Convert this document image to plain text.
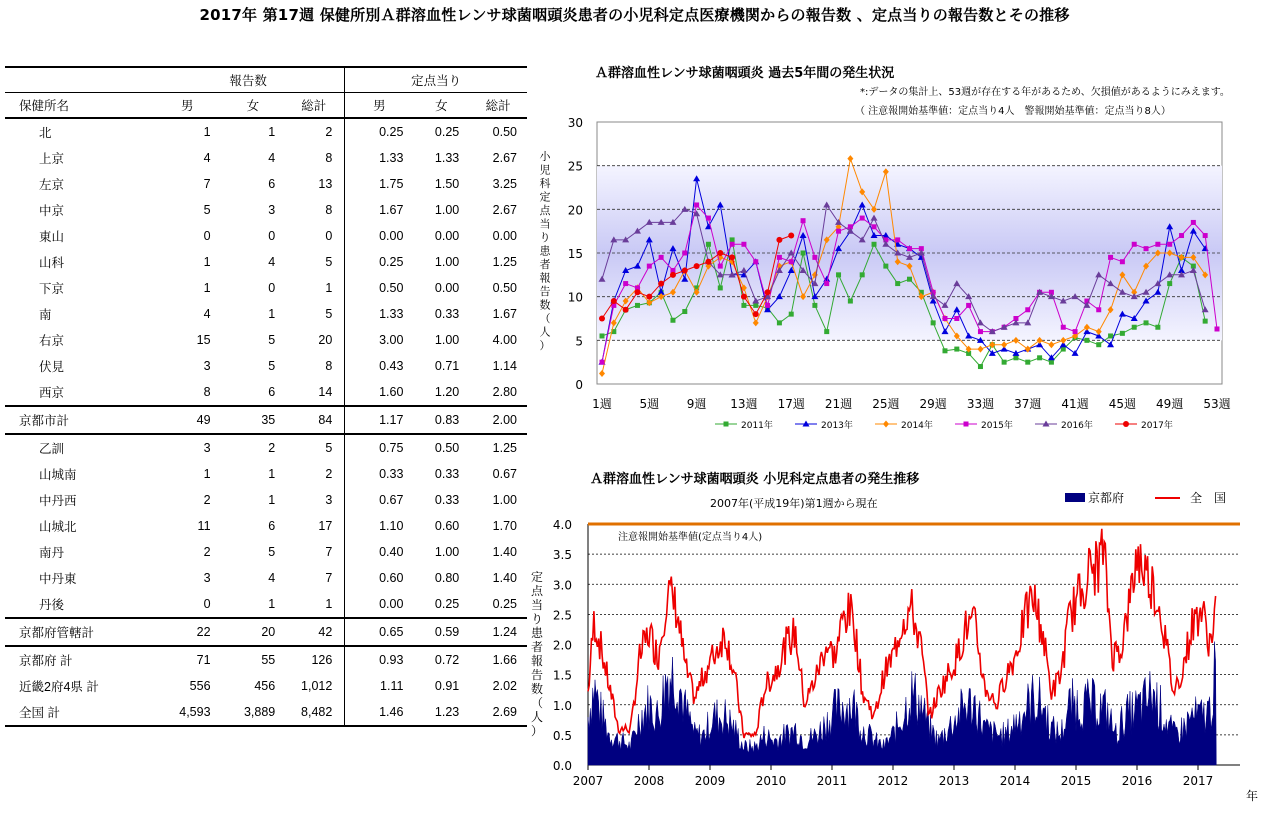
2017年 第17週 保健所別Ａ群溶血性レンサ球菌咽頭炎患者の小児科定点医療機関からの報告数 、定点当りの報告数とその推移
	報告数			定点当り		
保健所名	男	女	総計	男	女	総計
北	1	1	2	0.25	0.25	0.50
上京	4	4	8	1.33	1.33	2.67
左京	7	6	13	1.75	1.50	3.25
中京	5	3	8	1.67	1.00	2.67
東山	0	0	0	0.00	0.00	0.00
山科	1	4	5	0.25	1.00	1.25
下京	1	0	1	0.50	0.00	0.50
南	4	1	5	1.33	0.33	1.67
右京	15	5	20	3.00	1.00	4.00
伏見	3	5	8	0.43	0.71	1.14
西京	8	6	14	1.60	1.20	2.80
京都市計	49	35	84	1.17	0.83	2.00
乙訓	3	2	5	0.75	0.50	1.25
山城南	1	1	2	0.33	0.33	0.67
中丹西	2	1	3	0.67	0.33	1.00
山城北	11	6	17	1.10	0.60	1.70
南丹	2	5	7	0.40	1.00	1.40
中丹東	3	4	7	0.60	0.80	1.40
丹後	0	1	1	0.00	0.25	0.25
京都府管轄計	22	20	42	0.65	0.59	1.24
京都府 計	71	55	126	0.93	0.72	1.66
近畿2府4県 計	556	456	1,012	1.11	0.91	2.02
全国 計	4,593	3,889	8,482	1.46	1.23	2.69
Ａ群溶血性レンサ球菌咽頭炎 過去5年間の発生状況
*:データの集計上、53週が存在する年があるため、欠損値があるようにみえます。
（ 注意報開始基準値：定点当り4人　警報開始基準値：定点当り8人）
0
5
10
15
20
25
30
1週 5週 9週 13週 17週 21週 25週 29週 33週 37週 41週 45週 49週 53週
2011年	2013年	2014年	2015年	2016年	2017年
小
児
科
定
点
当
り
患
者
報
告
数
（
人
）
Ａ群溶血性レンサ球菌咽頭炎 小児科定点患者の発生推移
2007年(平成19年)第1週から現在	京都府	全　国
0.0
0.5
1.0
1.5
2.0
2.5
3.0
3.5
4.0
2007	2008	2009	2010	2011	2012	2013	2014	2015	2016	2017
年
注意報開始基準値(定点当り4人)
定
点
当
り
患
者
報
告
数
（
人
）
